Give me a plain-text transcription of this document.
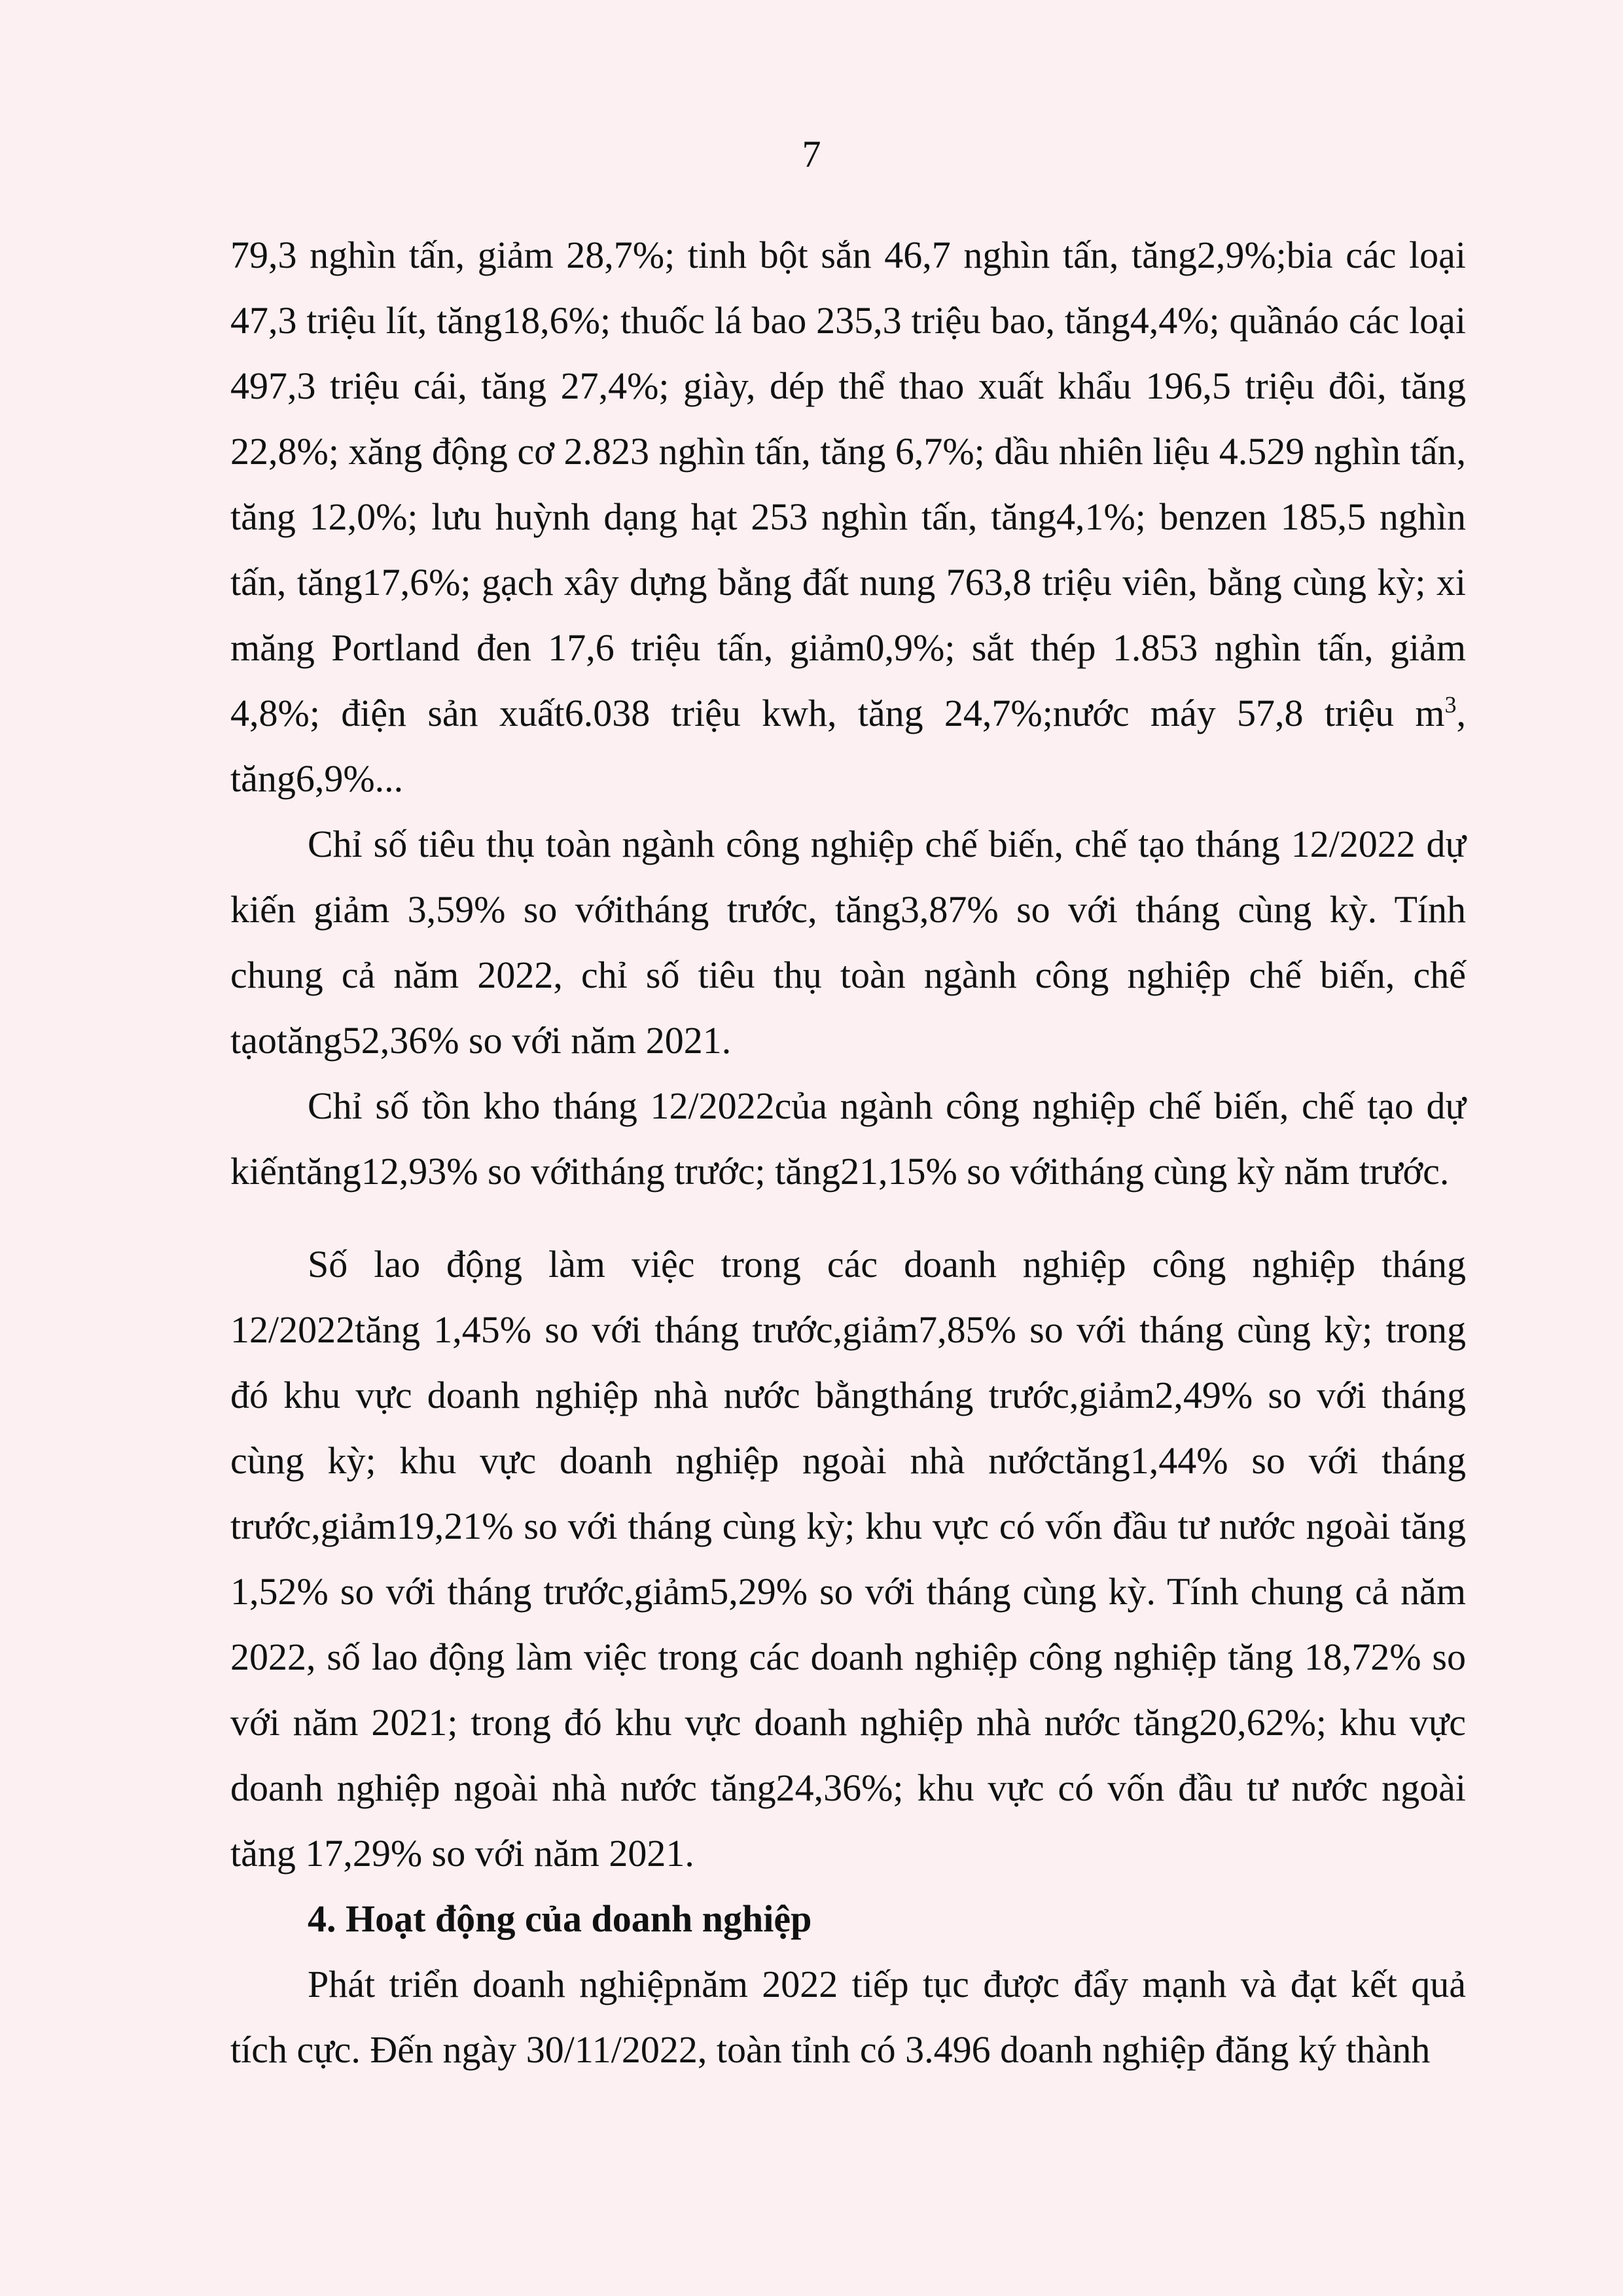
7

79,3 nghìn tấn, giảm 28,7%; tinh bột sắn 46,7 nghìn tấn, tăng2,9%;bia các loại 47,3 triệu lít, tăng18,6%; thuốc lá bao 235,3 triệu bao, tăng4,4%; quầnáo các loại 497,3 triệu cái, tăng 27,4%; giày, dép thể thao xuất khẩu 196,5 triệu đôi, tăng 22,8%; xăng động cơ 2.823 nghìn tấn, tăng 6,7%; dầu nhiên liệu 4.529 nghìn tấn, tăng 12,0%; lưu huỳnh dạng hạt 253 nghìn tấn, tăng4,1%; benzen 185,5 nghìn tấn, tăng17,6%; gạch xây dựng bằng đất nung 763,8 triệu viên, bằng cùng kỳ; xi măng Portland đen 17,6 triệu tấn, giảm0,9%; sắt thép 1.853 nghìn tấn, giảm 4,8%; điện sản xuất6.038 triệu kwh, tăng 24,7%;nước máy 57,8 triệu $m^3$, tăng6,9%...

Chỉ số tiêu thụ toàn ngành công nghiệp chế biến, chế tạo tháng 12/2022 dự kiến giảm 3,59% so vớitháng trước, tăng3,87% so với tháng cùng kỳ. Tính chung cả năm 2022, chỉ số tiêu thụ toàn ngành công nghiệp chế biến, chế tạotăng52,36% so với năm 2021.

Chỉ số tồn kho tháng 12/2022của ngành công nghiệp chế biến, chế tạo dự kiếntăng12,93% so vớitháng trước; tăng21,15% so vớitháng cùng kỳ năm trước.

Số lao động làm việc trong các doanh nghiệp công nghiệp tháng 12/2022tăng 1,45% so với tháng trước,giảm7,85% so với tháng cùng kỳ; trong đó khu vực doanh nghiệp nhà nước bằngtháng trước,giảm2,49% so với tháng cùng kỳ; khu vực doanh nghiệp ngoài nhà nướctăng1,44% so với tháng trước,giảm19,21% so với tháng cùng kỳ; khu vực có vốn đầu tư nước ngoài tăng 1,52% so với tháng trước,giảm5,29% so với tháng cùng kỳ. Tính chung cả năm 2022, số lao động làm việc trong các doanh nghiệp công nghiệp tăng 18,72% so với năm 2021; trong đó khu vực doanh nghiệp nhà nước tăng20,62%; khu vực doanh nghiệp ngoài nhà nước tăng24,36%; khu vực có vốn đầu tư nước ngoài tăng 17,29% so với năm 2021.

4. Hoạt động của doanh nghiệp

Phát triển doanh nghiệpnăm 2022 tiếp tục được đẩy mạnh và đạt kết quả tích cực. Đến ngày 30/11/2022, toàn tỉnh có 3.496 doanh nghiệp đăng ký thành
